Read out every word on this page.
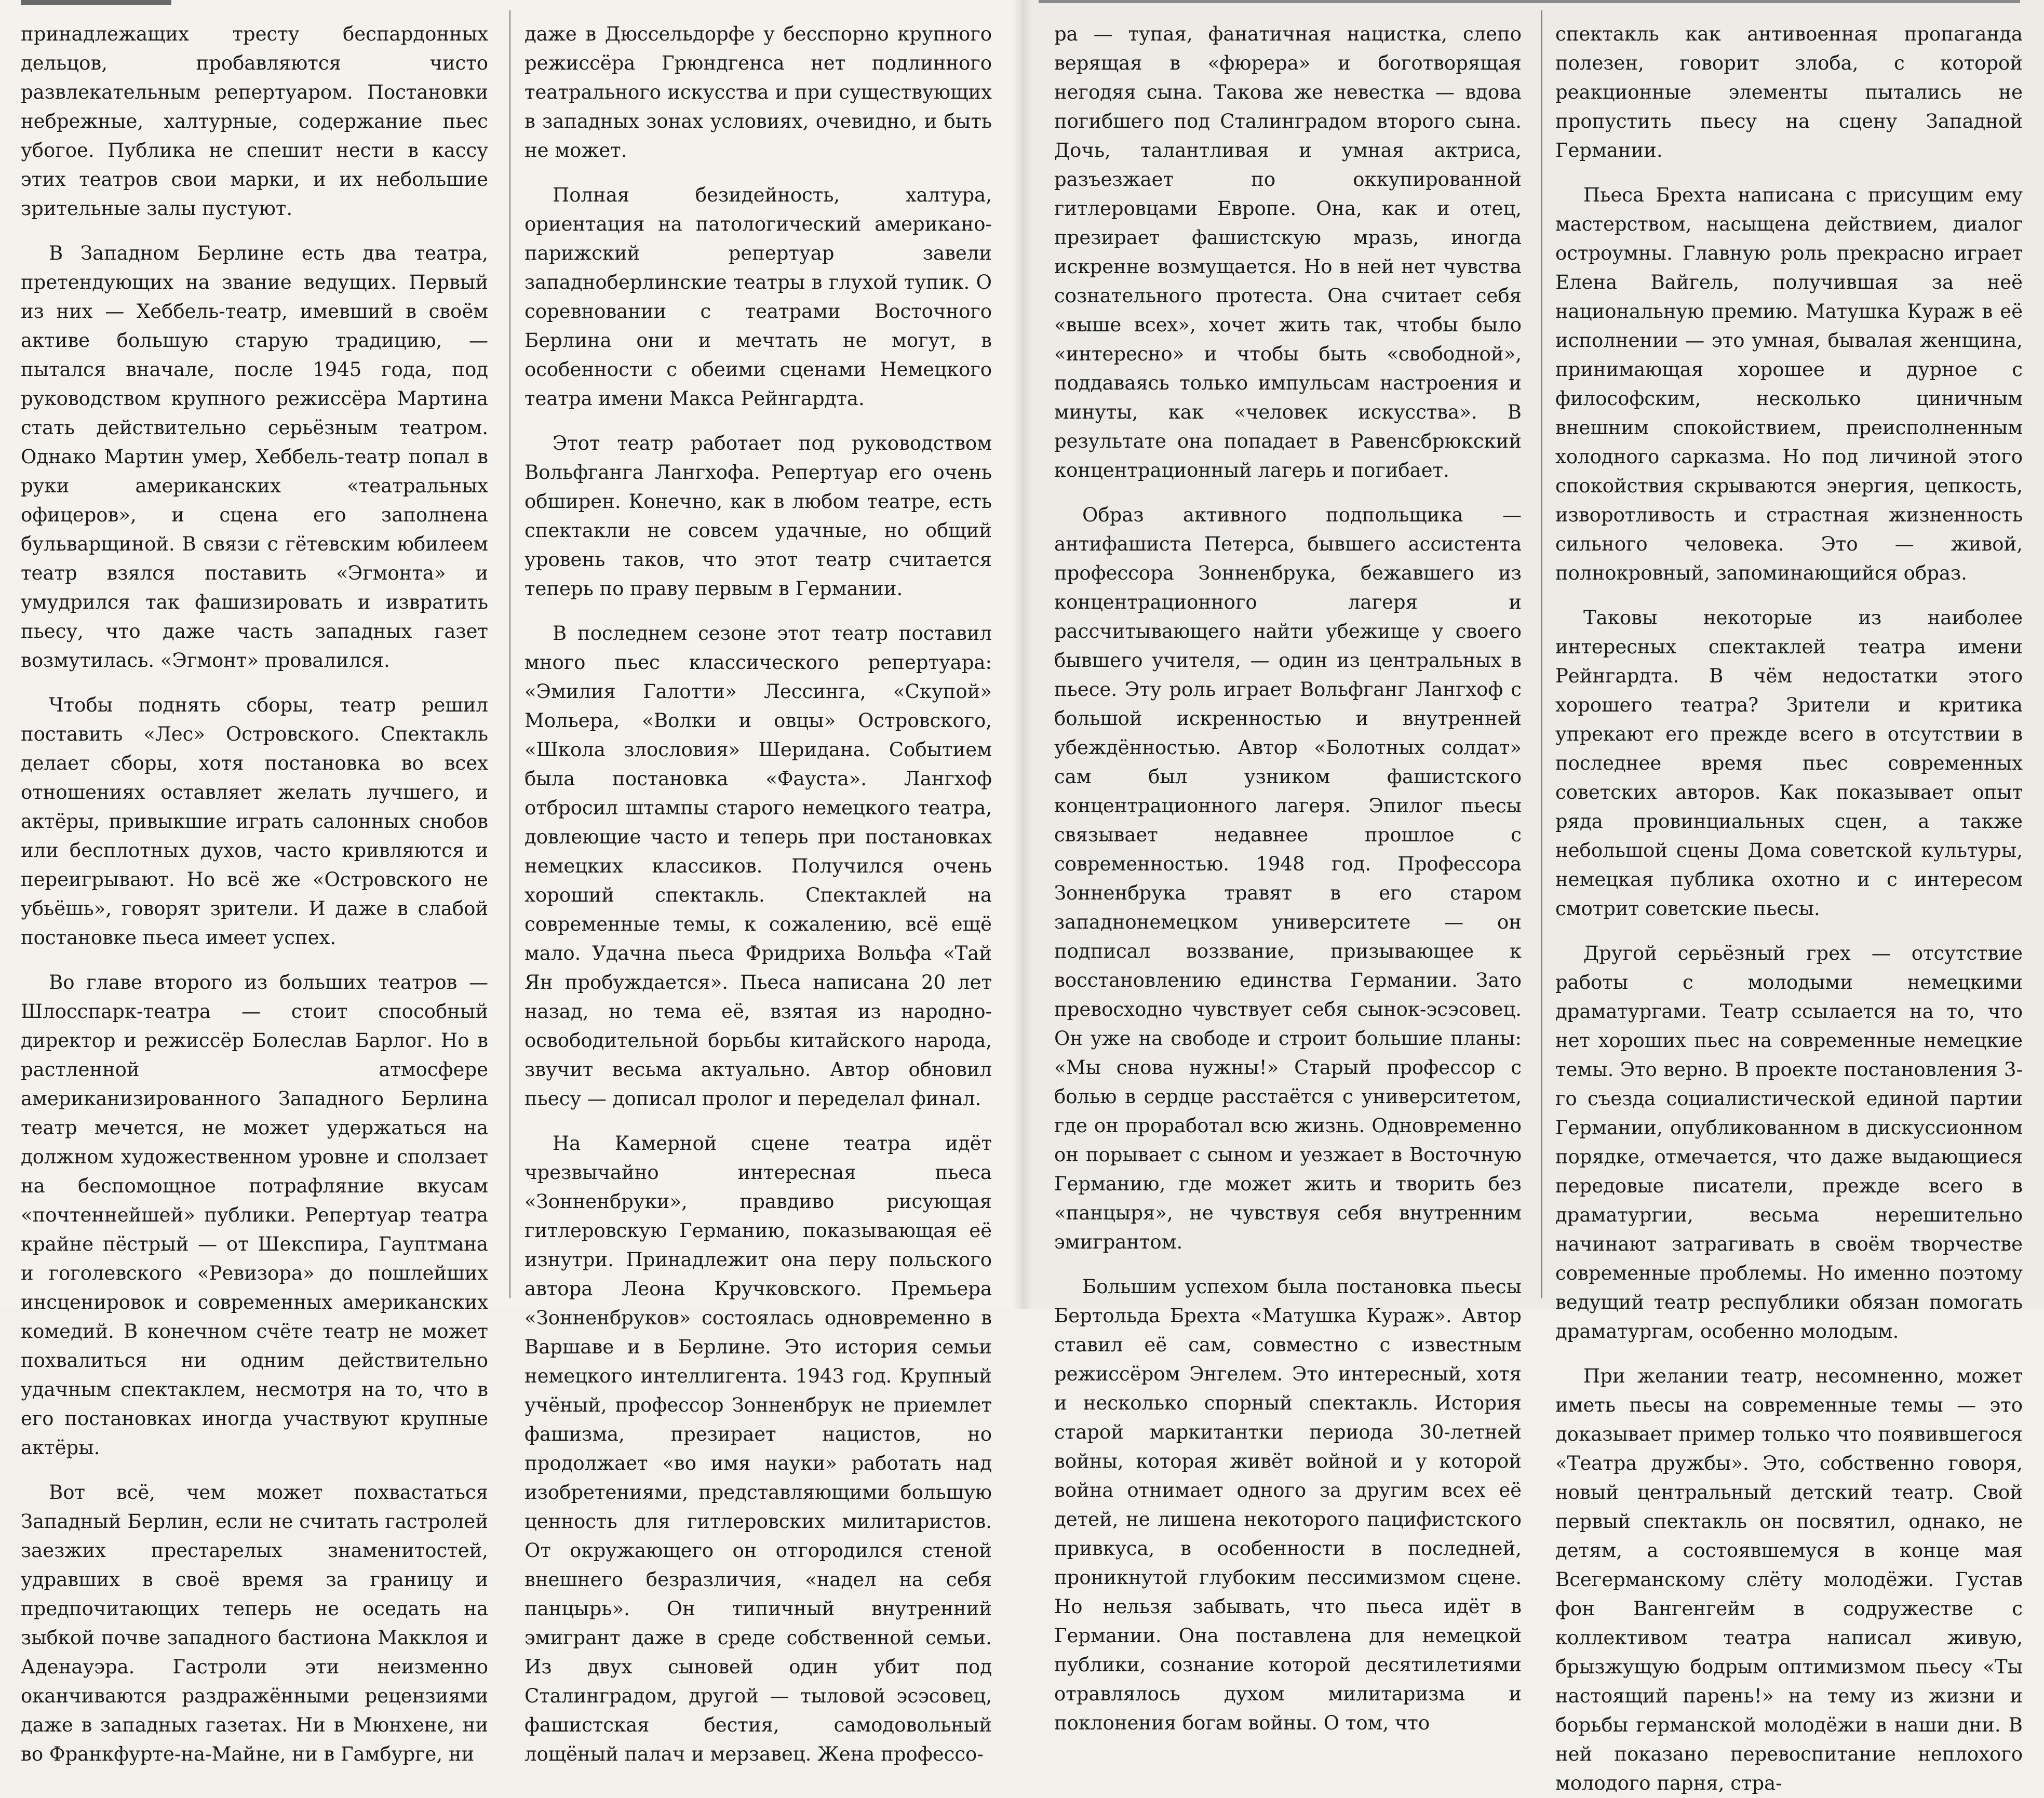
принадлежащих тресту беспардонных дельцов, пробавляются чисто развлекательным репертуаром. Постановки небрежные, халтурные, содержание пьес убогое. Публика не спешит нести в кассу этих театров свои марки, и их небольшие зрительные залы пустуют.

В Западном Берлине есть два театра, претендующих на звание ведущих. Первый из них — Хеббель-театр, имевший в своём активе большую старую традицию, — пытался вначале, после 1945 года, под руководством крупного режиссёра Мартина стать действительно серьёзным театром. Однако Мартин умер, Хеббель-театр попал в руки американских «театральных офицеров», и сцена его заполнена бульварщиной. В связи с гётевским юбилеем театр взялся поставить «Эгмонта» и умудрился так фашизировать и извратить пьесу, что даже часть западных газет возмутилась. «Эгмонт» провалился.

Чтобы поднять сборы, театр решил поставить «Лес» Островского. Спектакль делает сборы, хотя постановка во всех отношениях оставляет желать лучшего, и актёры, привыкшие играть салонных снобов или бесплотных духов, часто кривляются и переигрывают. Но всё же «Островского не убьёшь», говорят зрители. И даже в слабой постановке пьеса имеет успех.

Во главе второго из больших театров — Шлосспарк-театра — стоит способный директор и режиссёр Болеслав Барлог. Но в растленной атмосфере американизированного Западного Берлина театр мечется, не может удержаться на должном художественном уровне и сползает на беспомощное потрафляние вкусам «почтеннейшей» публики. Репертуар театра крайне пёстрый — от Шекспира, Гауптмана и гоголевского «Ревизора» до пошлейших инсценировок и современных американских комедий. В конечном счёте театр не может похвалиться ни одним действительно удачным спектаклем, несмотря на то, что в его постановках иногда участвуют крупные актёры.

Вот всё, чем может похвастаться Западный Берлин, если не считать гастролей заезжих престарелых знаменитостей, удравших в своё время за границу и предпочитающих теперь не оседать на зыбкой почве западного бастиона Макклоя и Аденауэра. Гастроли эти неизменно оканчиваются раздражёнными рецензиями даже в западных газетах. Ни в Мюнхене, ни во Франкфурте-на-Майне, ни в Гамбурге, ни

даже в Дюссельдорфе у бесспорно крупного режиссёра Грюндгенса нет подлинного театрального искусства и при существующих в западных зонах условиях, очевидно, и быть не может.

Полная безидейность, халтура, ориентация на патологический американо-парижский репертуар завели западноберлинские театры в глухой тупик. О соревновании с театрами Восточного Берлина они и мечтать не могут, в особенности с обеими сценами Немецкого театра имени Макса Рейнгардта.

Этот театр работает под руководством Вольфганга Лангхофа. Репертуар его очень обширен. Конечно, как в любом театре, есть спектакли не совсем удачные, но общий уровень таков, что этот театр считается теперь по праву первым в Германии.

В последнем сезоне этот театр поставил много пьес классического репертуара: «Эмилия Галотти» Лессинга, «Скупой» Мольера, «Волки и овцы» Островского, «Школа злословия» Шеридана. Событием была постановка «Фауста». Лангхоф отбросил штампы старого немецкого театра, довлеющие часто и теперь при постановках немецких классиков. Получился очень хороший спектакль. Спектаклей на современные темы, к сожалению, всё ещё мало. Удачна пьеса Фридриха Вольфа «Тай Ян пробуждается». Пьеса написана 20 лет назад, но тема её, взятая из народно-освободительной борьбы китайского народа, звучит весьма актуально. Автор обновил пьесу — дописал пролог и переделал финал.

На Камерной сцене театра идёт чрезвычайно интересная пьеса «Зонненбруки», правдиво рисующая гитлеровскую Германию, показывающая её изнутри. Принадлежит она перу польского автора Леона Кручковского. Премьера «Зонненбруков» состоялась одновременно в Варшаве и в Берлине. Это история семьи немецкого интеллигента. 1943 год. Крупный учёный, профессор Зонненбрук не приемлет фашизма, презирает нацистов, но продолжает «во имя науки» работать над изобретениями, представляющими большую ценность для гитлеровских милитаристов. От окружающего он отгородился стеной внешнего безразличия, «надел на себя панцырь». Он типичный внутренний эмигрант даже в среде собственной семьи. Из двух сыновей один убит под Сталинградом, другой — тыловой эсэсовец, фашистская бестия, самодовольный лощёный палач и мерзавец. Жена профессо-

ра — тупая, фанатичная нацистка, слепо верящая в «фюрера» и боготворящая негодяя сына. Такова же невестка — вдова погибшего под Сталинградом второго сына. Дочь, талантливая и умная актриса, разъезжает по оккупированной гитлеровцами Европе. Она, как и отец, презирает фашистскую мразь, иногда искренне возмущается. Но в ней нет чувства сознательного протеста. Она считает себя «выше всех», хочет жить так, чтобы было «интересно» и чтобы быть «свободной», поддаваясь только импульсам настроения и минуты, как «человек искусства». В результате она попадает в Равенсбрюкский концентрационный лагерь и погибает.

Образ активного подпольщика — антифашиста Петерса, бывшего ассистента профессора Зонненбрука, бежавшего из концентрационного лагеря и рассчитывающего найти убежище у своего бывшего учителя, — один из центральных в пьесе. Эту роль играет Вольфганг Лангхоф с большой искренностью и внутренней убеждённостью. Автор «Болотных солдат» сам был узником фашистского концентрационного лагеря. Эпилог пьесы связывает недавнее прошлое с современностью. 1948 год. Профессора Зонненбрука травят в его старом западнонемецком университете — он подписал воззвание, призывающее к восстановлению единства Германии. Зато превосходно чувствует себя сынок-эсэсовец. Он уже на свободе и строит большие планы: «Мы снова нужны!» Старый профессор с болью в сердце расстаётся с университетом, где он проработал всю жизнь. Одновременно он порывает с сыном и уезжает в Восточную Германию, где может жить и творить без «панцыря», не чувствуя себя внутренним эмигрантом.

Большим успехом была постановка пьесы Бертольда Брехта «Матушка Кураж». Автор ставил её сам, совместно с известным режиссёром Энгелем. Это интересный, хотя и несколько спорный спектакль. История старой маркитантки периода 30-летней войны, которая живёт войной и у которой война отнимает одного за другим всех её детей, не лишена некоторого пацифистского привкуса, в особенности в последней, проникнутой глубоким пессимизмом сцене. Но нельзя забывать, что пьеса идёт в Германии. Она поставлена для немецкой публики, сознание которой десятилетиями отравлялось духом милитаризма и поклонения богам войны. О том, что

спектакль как антивоенная пропаганда полезен, говорит злоба, с которой реакционные элементы пытались не пропустить пьесу на сцену Западной Германии.

Пьеса Брехта написана с присущим ему мастерством, насыщена действием, диалог остроумны. Главную роль прекрасно играет Елена Вайгель, получившая за неё национальную премию. Матушка Кураж в её исполнении — это умная, бывалая женщина, принимающая хорошее и дурное с философским, несколько циничным внешним спокойствием, преисполненным холодного сарказма. Но под личиной этого спокойствия скрываются энергия, цепкость, изворотливость и страстная жизненность сильного человека. Это — живой, полнокровный, запоминающийся образ.

Таковы некоторые из наиболее интересных спектаклей театра имени Рейнгардта. В чём недостатки этого хорошего театра? Зрители и критика упрекают его прежде всего в отсутствии в последнее время пьес современных советских авторов. Как показывает опыт ряда провинциальных сцен, а также небольшой сцены Дома советской культуры, немецкая публика охотно и с интересом смотрит советские пьесы.

Другой серьёзный грех — отсутствие работы с молодыми немецкими драматургами. Театр ссылается на то, что нет хороших пьес на современные немецкие темы. Это верно. В проекте постановления 3-го съезда социалистической единой партии Германии, опубликованном в дискуссионном порядке, отмечается, что даже выдающиеся передовые писатели, прежде всего в драматургии, весьма нерешительно начинают затрагивать в своём творчестве современные проблемы. Но именно поэтому ведущий театр республики обязан помогать драматургам, особенно молодым.

При желании театр, несомненно, может иметь пьесы на современные темы — это доказывает пример только что появившегося «Театра дружбы». Это, собственно говоря, новый центральный детский театр. Свой первый спектакль он посвятил, однако, не детям, а состоявшемуся в конце мая Всегерманскому слёту молодёжи. Густав фон Вангенгейм в содружестве с коллективом театра написал живую, брызжущую бодрым оптимизмом пьесу «Ты настоящий парень!» на тему из жизни и борьбы германской молодёжи в наши дни. В ней показано перевоспитание неплохого молодого парня, стра-
